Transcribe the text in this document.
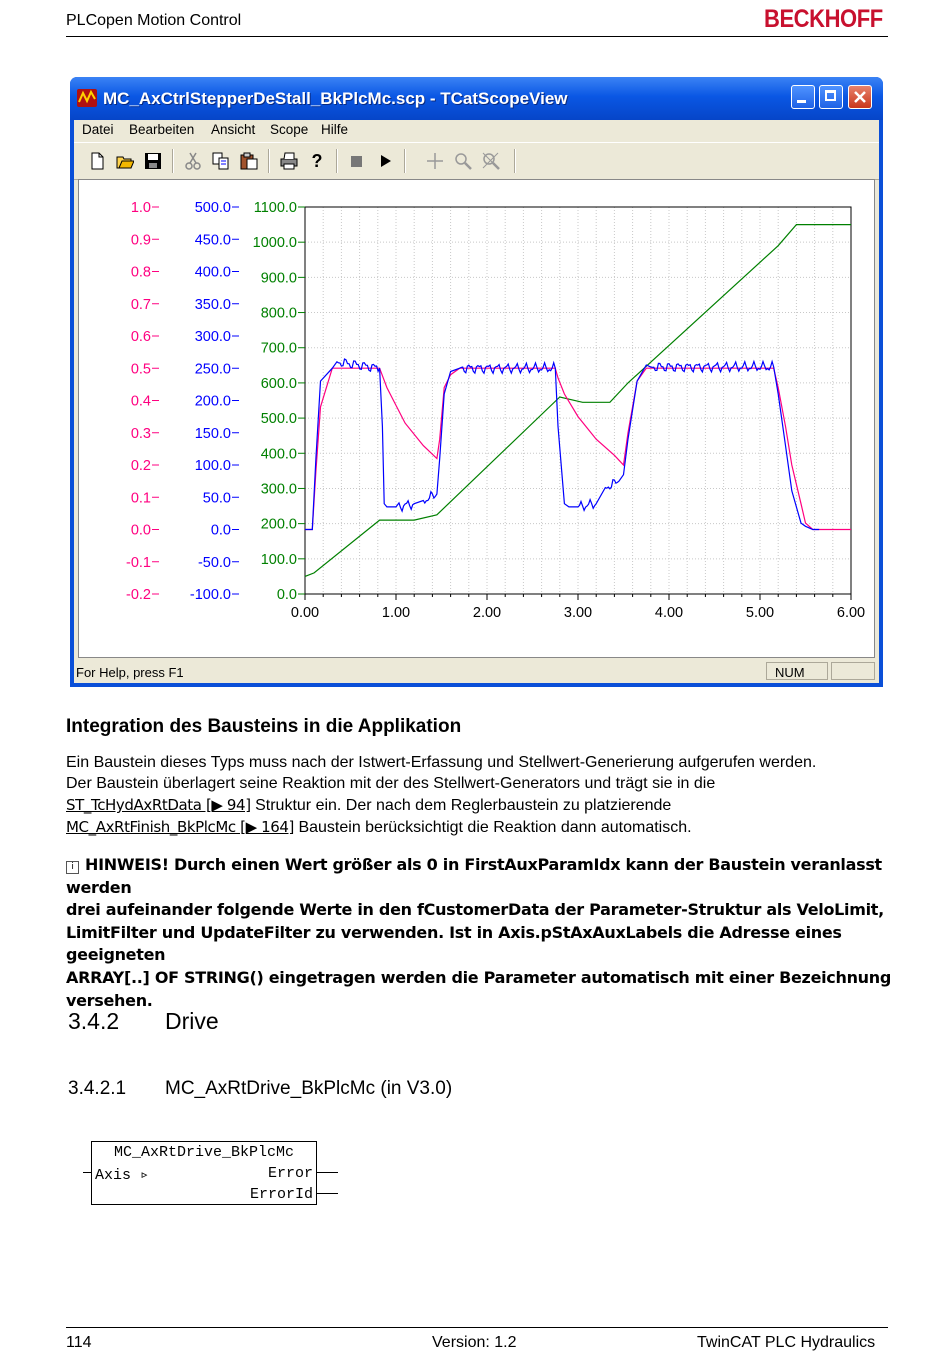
PLCopen Motion Control	BECKHOFF
MC_AxCtrlStepperDeStall_BkPlcMc.scp - TCatScopeView
Datei Bearbeiten Ansicht Scope Hilfe
?
1.0
0.9
0.8
0.7
0.6
0.5
0.4
0.3
0.2
0.1
0.0
-0.1
-0.2
500.0
450.0
400.0
350.0
300.0
250.0
200.0
150.0
100.0
50.0
0.0
-50.0
-100.0
1100.0
1000.0
900.0
800.0
700.0
600.0
500.0
400.0
300.0
200.0
100.0
0.0
0.00	1.00	2.00	3.00	4.00	5.00	6.00
For Help, press F1	NUM
Integration des Bausteins in die Applikation
Ein Baustein dieses Typs muss nach der Istwert-Erfassung und Stellwert-Generierung aufgerufen werden.
Der Baustein überlagert seine Reaktion mit der des Stellwert-Generators und trägt sie in die
ST_TcHydAxRtData [▶ 94] Struktur ein. Der nach dem Reglerbaustein zu platzierende
MC_AxRtFinish_BkPlcMc [▶ 164] Baustein berücksichtigt die Reaktion dann automatisch.
i HINWEIS! Durch einen Wert größer als 0 in FirstAuxParamIdx kann der Baustein veranlasst werden
drei aufeinander folgende Werte in den fCustomerData der Parameter-Struktur als VeloLimit,
LimitFilter und UpdateFilter zu verwenden. Ist in Axis.pStAxAuxLabels die Adresse eines geeigneten
ARRAY[..] OF STRING() eingetragen werden die Parameter automatisch mit einer Bezeichnung
versehen.
3.4.2 Drive
3.4.2.1 MC_AxRtDrive_BkPlcMc (in V3.0)
MC_AxRtDrive_BkPlcMc
Axis ▹	Error
ErrorId
114	Version: 1.2	TwinCAT PLC Hydraulics
